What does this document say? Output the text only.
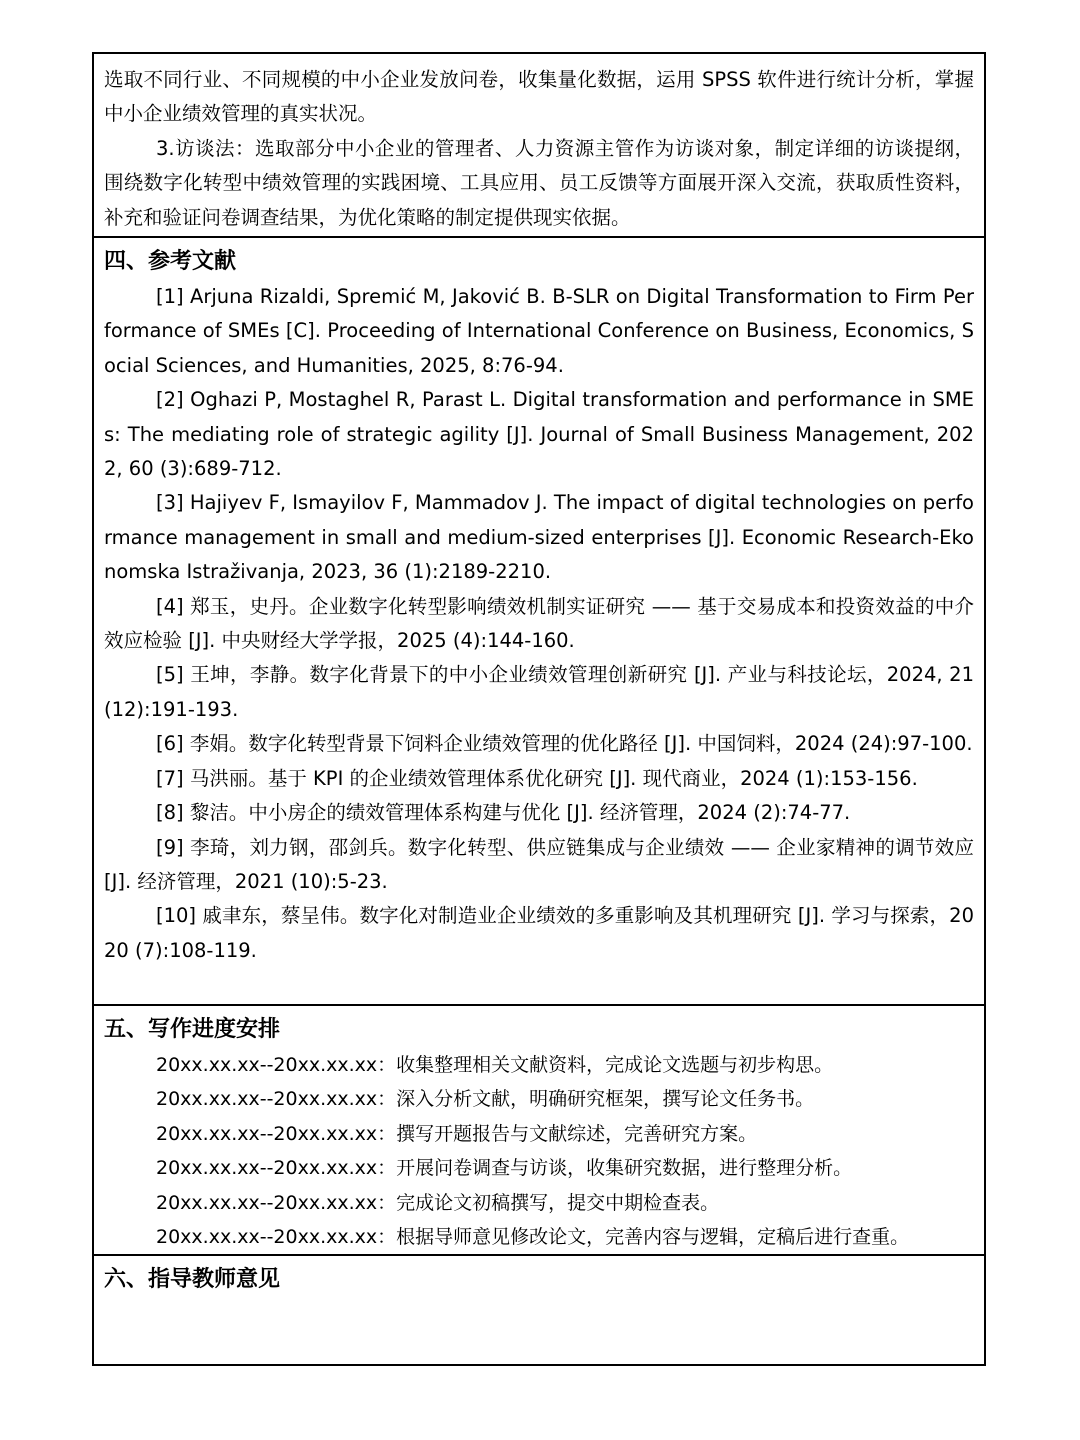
选取不同行业、不同规模的中小企业发放问卷，收集量化数据，运用 SPSS 软件进行统计分析，掌握中小企业绩效管理的真实状况。

3.访谈法：选取部分中小企业的管理者、人力资源主管作为访谈对象，制定详细的访谈提纲，围绕数字化转型中绩效管理的实践困境、工具应用、员工反馈等方面展开深入交流，获取质性资料，补充和验证问卷调查结果，为优化策略的制定提供现实依据。

四、参考文献

[1] Arjuna Rizaldi, Spremić M, Jaković B. B-SLR on Digital Transformation to Firm Performance of SMEs [C]. Proceeding of International Conference on Business, Economics, Social Sciences, and Humanities, 2025, 8:76-94.

[2] Oghazi P, Mostaghel R, Parast L. Digital transformation and performance in SMEs: The mediating role of strategic agility [J]. Journal of Small Business Management, 2022, 60 (3):689-712.

[3] Hajiyev F, Ismayilov F, Mammadov J. The impact of digital technologies on performance management in small and medium-sized enterprises [J]. Economic Research-Ekonomska Istraživanja, 2023, 36 (1):2189-2210.

[4] 郑玉，史丹。企业数字化转型影响绩效机制实证研究 —— 基于交易成本和投资效益的中介效应检验 [J]. 中央财经大学学报，2025 (4):144-160.

[5] 王坤，李静。数字化背景下的中小企业绩效管理创新研究 [J]. 产业与科技论坛，2024, 21 (12):191-193.

[6] 李娟。数字化转型背景下饲料企业绩效管理的优化路径 [J]. 中国饲料，2024 (24):97-100.

[7] 马洪丽。基于 KPI 的企业绩效管理体系优化研究 [J]. 现代商业，2024 (1):153-156.

[8] 黎洁。中小房企的绩效管理体系构建与优化 [J]. 经济管理，2024 (2):74-77.

[9] 李琦，刘力钢，邵剑兵。数字化转型、供应链集成与企业绩效 —— 企业家精神的调节效应 [J]. 经济管理，2021 (10):5-23.

[10] 戚聿东，蔡呈伟。数字化对制造业企业绩效的多重影响及其机理研究 [J]. 学习与探索，2020 (7):108-119.

五、写作进度安排
20xx.xx.xx--20xx.xx.xx：收集整理相关文献资料，完成论文选题与初步构思。
20xx.xx.xx--20xx.xx.xx：深入分析文献，明确研究框架，撰写论文任务书。
20xx.xx.xx--20xx.xx.xx：撰写开题报告与文献综述，完善研究方案。
20xx.xx.xx--20xx.xx.xx：开展问卷调查与访谈，收集研究数据，进行整理分析。
20xx.xx.xx--20xx.xx.xx：完成论文初稿撰写，提交中期检查表。
20xx.xx.xx--20xx.xx.xx：根据导师意见修改论文，完善内容与逻辑，定稿后进行查重。
六、指导教师意见
